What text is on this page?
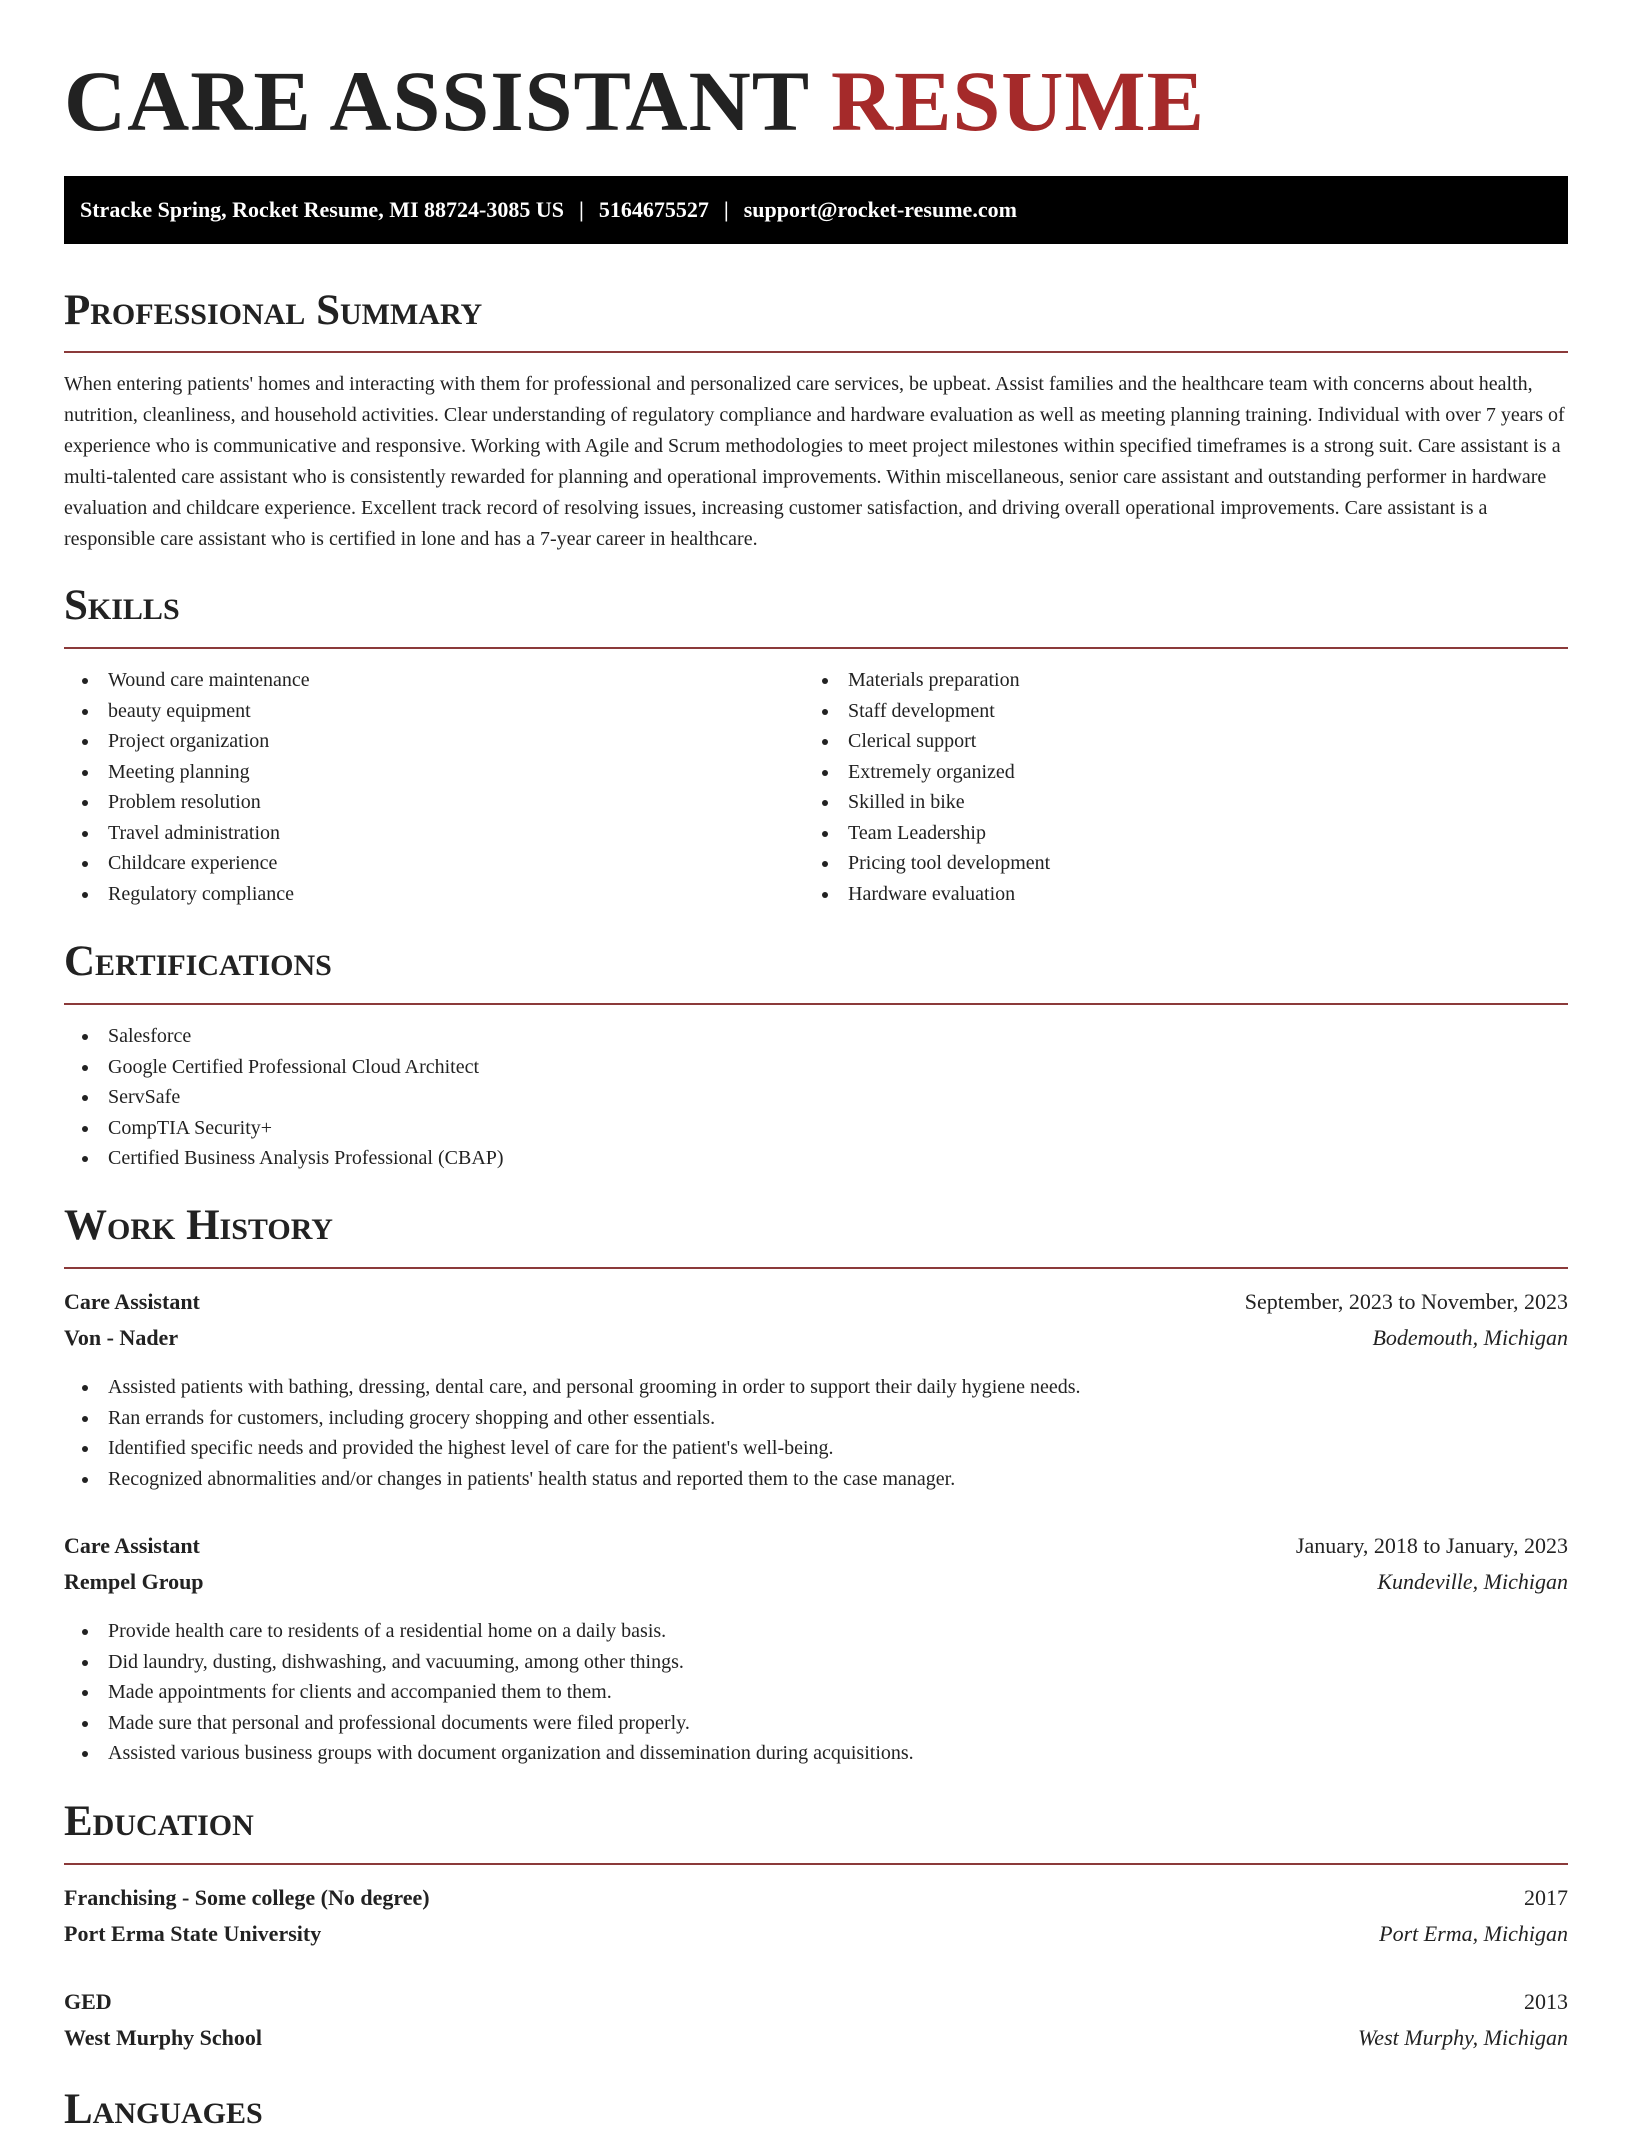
CARE ASSISTANT RESUME
Stracke Spring, Rocket Resume, MI 88724-3085 US | 5164675527 | support@rocket-resume.com
Professional Summary

When entering patients' homes and interacting with them for professional and personalized care services, be upbeat. Assist families and the healthcare team with concerns about health, nutrition, cleanliness, and household activities. Clear understanding of regulatory compliance and hardware evaluation as well as meeting planning training. Individual with over 7 years of experience who is communicative and responsive. Working with Agile and Scrum methodologies to meet project milestones within specified timeframes is a strong suit. Care assistant is a multi-talented care assistant who is consistently rewarded for planning and operational improvements. Within miscellaneous, senior care assistant and outstanding performer in hardware evaluation and childcare experience. Excellent track record of resolving issues, increasing customer satisfaction, and driving overall operational improvements. Care assistant is a responsible care assistant who is certified in lone and has a 7-year career in healthcare.

Skills
Wound care maintenance
beauty equipment
Project organization
Meeting planning
Problem resolution
Travel administration
Childcare experience
Regulatory compliance
Materials preparation
Staff development
Clerical support
Extremely organized
Skilled in bike
Team Leadership
Pricing tool development
Hardware evaluation
Certifications
Salesforce
Google Certified Professional Cloud Architect
ServSafe
CompTIA Security+
Certified Business Analysis Professional (CBAP)
Work History
Care Assistant	September, 2023 to November, 2023
Von - Nader	Bodemouth, Michigan
Assisted patients with bathing, dressing, dental care, and personal grooming in order to support their daily hygiene needs.
Ran errands for customers, including grocery shopping and other essentials.
Identified specific needs and provided the highest level of care for the patient's well-being.
Recognized abnormalities and/or changes in patients' health status and reported them to the case manager.
Care Assistant	January, 2018 to January, 2023
Rempel Group	Kundeville, Michigan
Provide health care to residents of a residential home on a daily basis.
Did laundry, dusting, dishwashing, and vacuuming, among other things.
Made appointments for clients and accompanied them to them.
Made sure that personal and professional documents were filed properly.
Assisted various business groups with document organization and dissemination during acquisitions.
Education
Franchising - Some college (No degree)	2017
Port Erma State University	Port Erma, Michigan
GED	2013
West Murphy School	West Murphy, Michigan
Languages
